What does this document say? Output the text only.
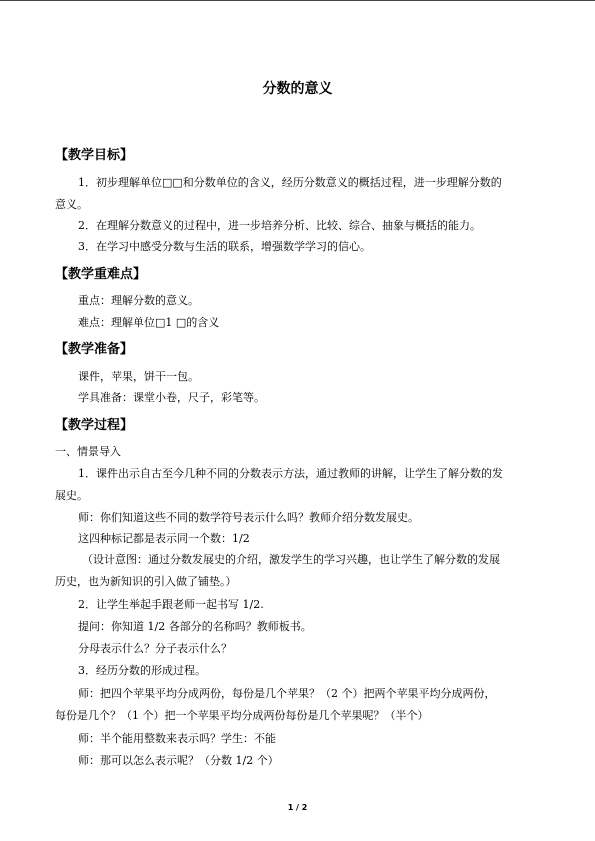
分数的意义
【教学目标】
1．初步理解单位□□和分数单位的含义，经历分数意义的概括过程，进一步理解分数的
意义。
2．在理解分数意义的过程中，进一步培养分析、比较、综合、抽象与概括的能力。
3．在学习中感受分数与生活的联系，增强数学学习的信心。
【教学重难点】
重点：理解分数的意义。
难点：理解单位□1 □的含义
【教学准备】
课件，苹果，饼干一包。
学具准备：课堂小卷，尺子，彩笔等。
【教学过程】
一、情景导入
1．课件出示自古至今几种不同的分数表示方法，通过教师的讲解，让学生了解分数的发
展史。
师：你们知道这些不同的数学符号表示什么吗？教师介绍分数发展史。
这四种标记都是表示同一个数：1/2
（设计意图：通过分数发展史的介绍，激发学生的学习兴趣，也让学生了解分数的发展
历史，也为新知识的引入做了铺垫。）
2．让学生举起手跟老师一起书写 1/2.
提问：你知道 1/2 各部分的名称吗？教师板书。
分母表示什么？分子表示什么？
3．经历分数的形成过程。
师：把四个苹果平均分成两份，每份是几个苹果？（2 个）把两个苹果平均分成两份，
每份是几个？（1 个）把一个苹果平均分成两份每份是几个苹果呢？（半个）
师：半个能用整数来表示吗？学生：不能
师：那可以怎么表示呢？（分数 1/2 个）
1 / 2
